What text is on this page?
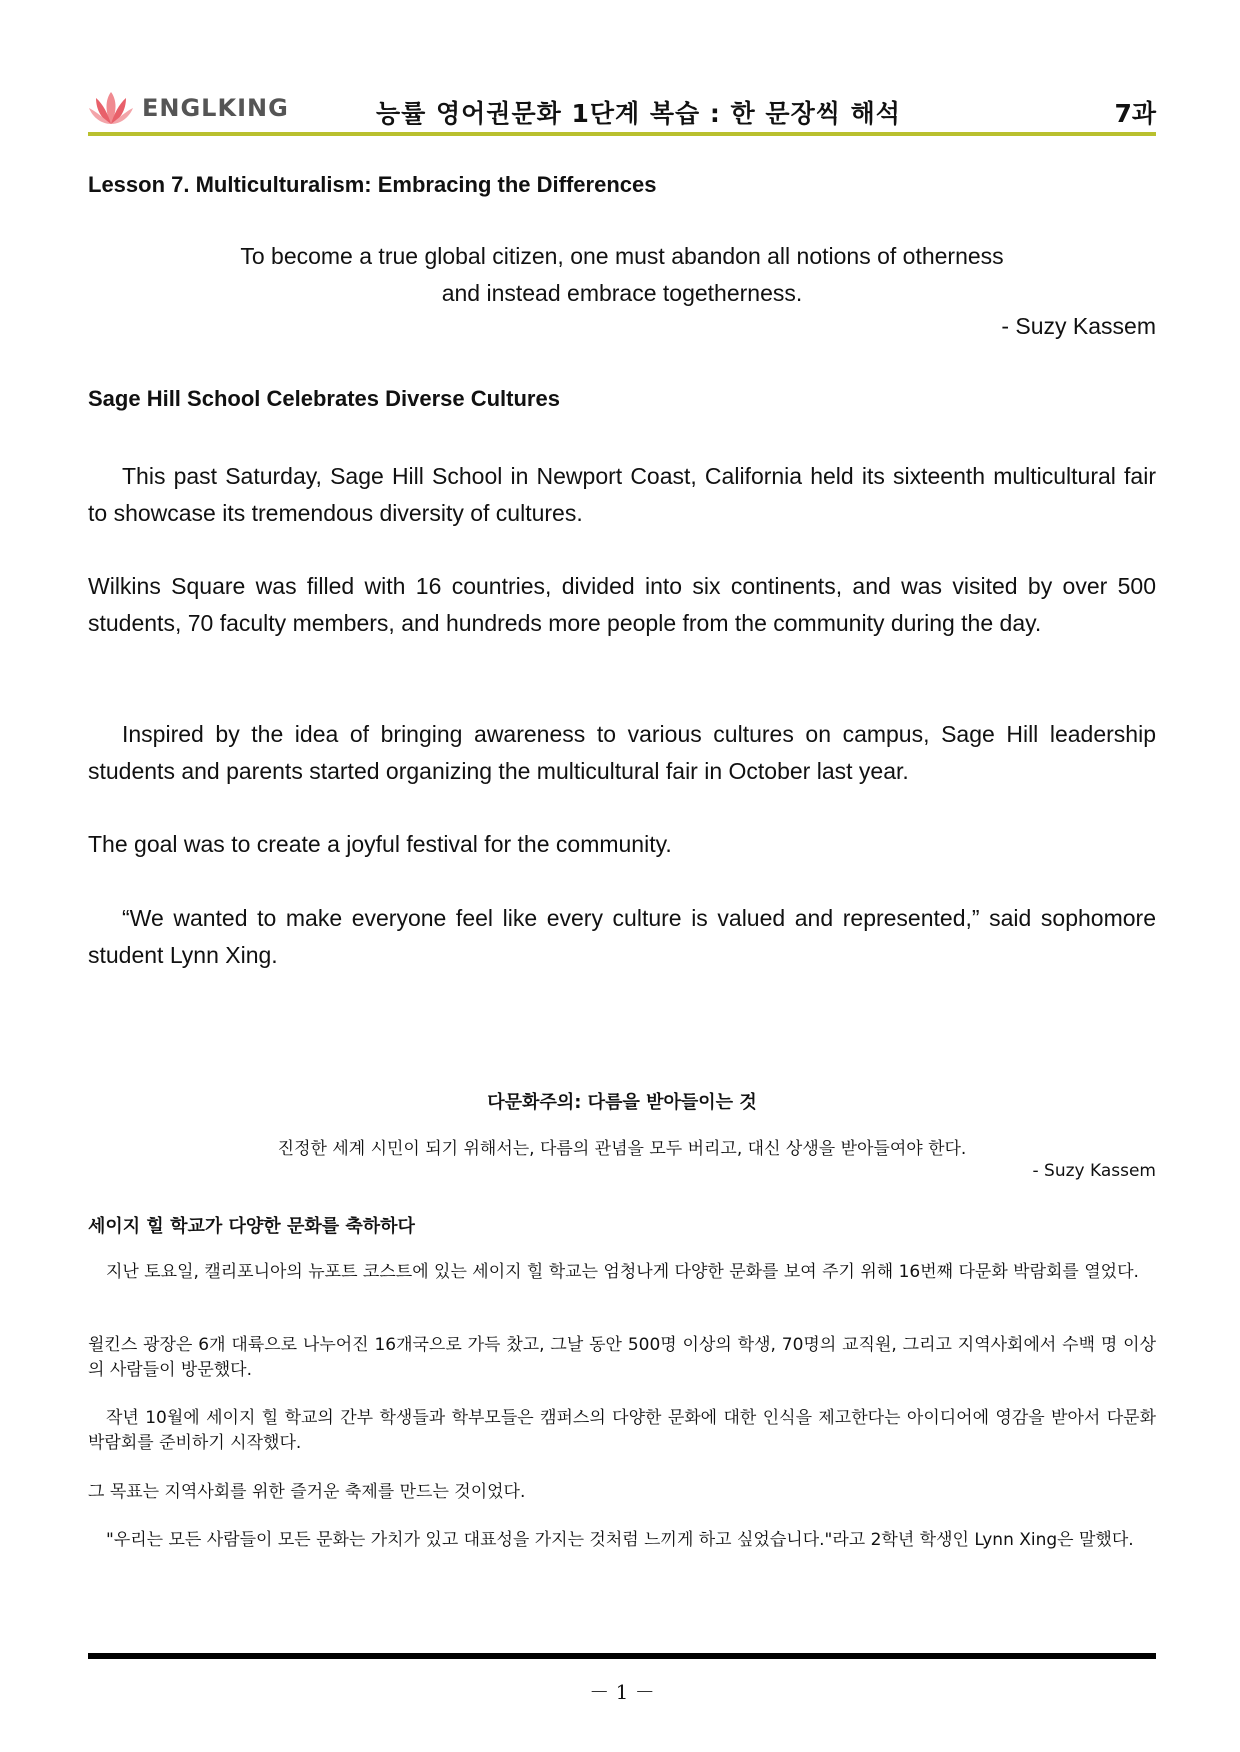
ENGLKING	능률 영어권문화 1단계 복습 : 한 문장씩 해석	7과
Lesson 7. Multiculturalism: Embracing the Differences
To become a true global citizen, one must abandon all notions of otherness
and instead embrace togetherness.
- Suzy Kassem
Sage Hill School Celebrates Diverse Cultures
This past Saturday, Sage Hill School in Newport Coast, California held its sixteenth multicultural fair to showcase its tremendous diversity of cultures.
Wilkins Square was filled with 16 countries, divided into six continents, and was visited by over 500 students, 70 faculty members, and hundreds more people from the community during the day.
Inspired by the idea of bringing awareness to various cultures on campus, Sage Hill leadership students and parents started organizing the multicultural fair in October last year.
The goal was to create a joyful festival for the community.
“We wanted to make everyone feel like every culture is valued and represented,” said sophomore student Lynn Xing.
다문화주의: 다름을 받아들이는 것
진정한 세계 시민이 되기 위해서는, 다름의 관념을 모두 버리고, 대신 상생을 받아들여야 한다.
- Suzy Kassem
세이지 힐 학교가 다양한 문화를 축하하다
지난 토요일, 캘리포니아의 뉴포트 코스트에 있는 세이지 힐 학교는 엄청나게 다양한 문화를 보여 주기 위해 16번째 다문화 박람회를 열었다.
윌킨스 광장은 6개 대륙으로 나누어진 16개국으로 가득 찼고, 그날 동안 500명 이상의 학생, 70명의 교직원, 그리고 지역사회에서 수백 명 이상의 사람들이 방문했다.
작년 10월에 세이지 힐 학교의 간부 학생들과 학부모들은 캠퍼스의 다양한 문화에 대한 인식을 제고한다는 아이디어에 영감을 받아서 다문화 박람회를 준비하기 시작했다.
그 목표는 지역사회를 위한 즐거운 축제를 만드는 것이었다.
"우리는 모든 사람들이 모든 문화는 가치가 있고 대표성을 가지는 것처럼 느끼게 하고 싶었습니다."라고 2학년 학생인 Lynn Xing은 말했다.
－ 1 －
